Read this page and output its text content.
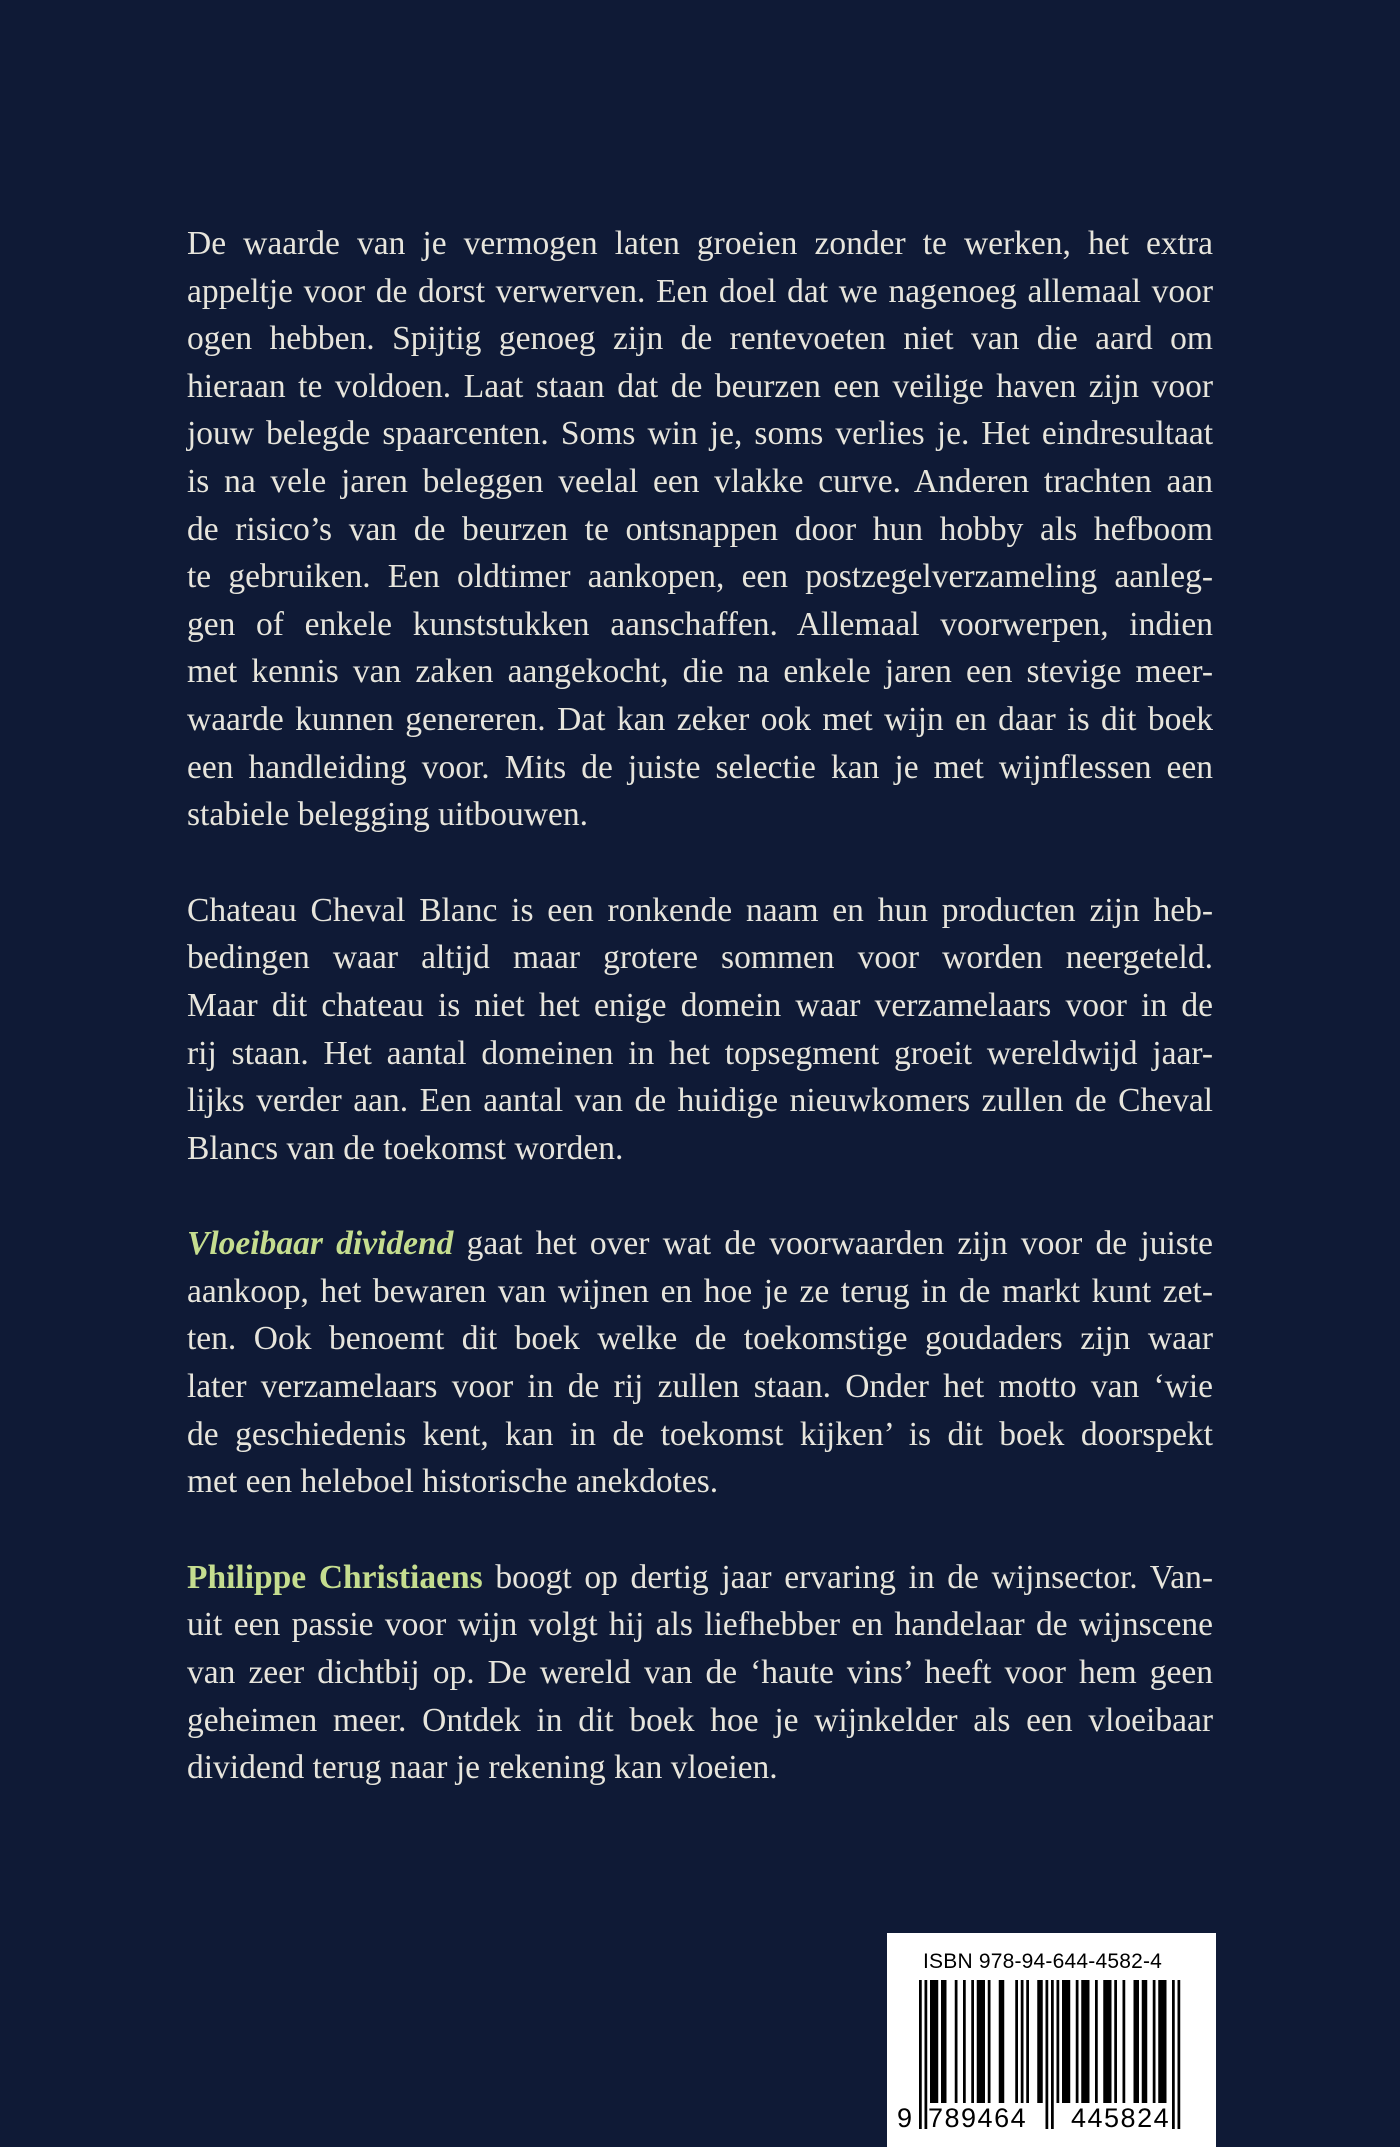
De waarde van je vermogen laten groeien zonder te werken, het extra
appeltje voor de dorst verwerven. Een doel dat we nagenoeg allemaal voor
ogen hebben. Spijtig genoeg zijn de rentevoeten niet van die aard om
hieraan te voldoen. Laat staan dat de beurzen een veilige haven zijn voor
jouw belegde spaarcenten. Soms win je, soms verlies je. Het eindresultaat
is na vele jaren beleggen veelal een vlakke curve. Anderen trachten aan
de risico’s van de beurzen te ontsnappen door hun hobby als hefboom
te gebruiken. Een oldtimer aankopen, een postzegelverzameling aanleg-
gen of enkele kunststukken aanschaffen. Allemaal voorwerpen, indien
met kennis van zaken aangekocht, die na enkele jaren een stevige meer-
waarde kunnen genereren. Dat kan zeker ook met wijn en daar is dit boek
een handleiding voor. Mits de juiste selectie kan je met wijnflessen een
stabiele belegging uitbouwen.
Chateau Cheval Blanc is een ronkende naam en hun producten zijn heb-
bedingen waar altijd maar grotere sommen voor worden neergeteld.
Maar dit chateau is niet het enige domein waar verzamelaars voor in de
rij staan. Het aantal domeinen in het topsegment groeit wereldwijd jaar-
lijks verder aan. Een aantal van de huidige nieuwkomers zullen de Cheval
Blancs van de toekomst worden.
Vloeibaar dividend gaat het over wat de voorwaarden zijn voor de juiste
aankoop, het bewaren van wijnen en hoe je ze terug in de markt kunt zet-
ten. Ook benoemt dit boek welke de toekomstige goudaders zijn waar
later verzamelaars voor in de rij zullen staan. Onder het motto van ‘wie
de geschiedenis kent, kan in de toekomst kijken’ is dit boek doorspekt
met een heleboel historische anekdotes.
Philippe Christiaens boogt op dertig jaar ervaring in de wijnsector. Van-
uit een passie voor wijn volgt hij als liefhebber en handelaar de wijnscene
van zeer dichtbij op. De wereld van de ‘haute vins’ heeft voor hem geen
geheimen meer. Ontdek in dit boek hoe je wijnkelder als een vloeibaar
dividend terug naar je rekening kan vloeien.
ISBN 978-94-644-4582-4
9 789464 445824
